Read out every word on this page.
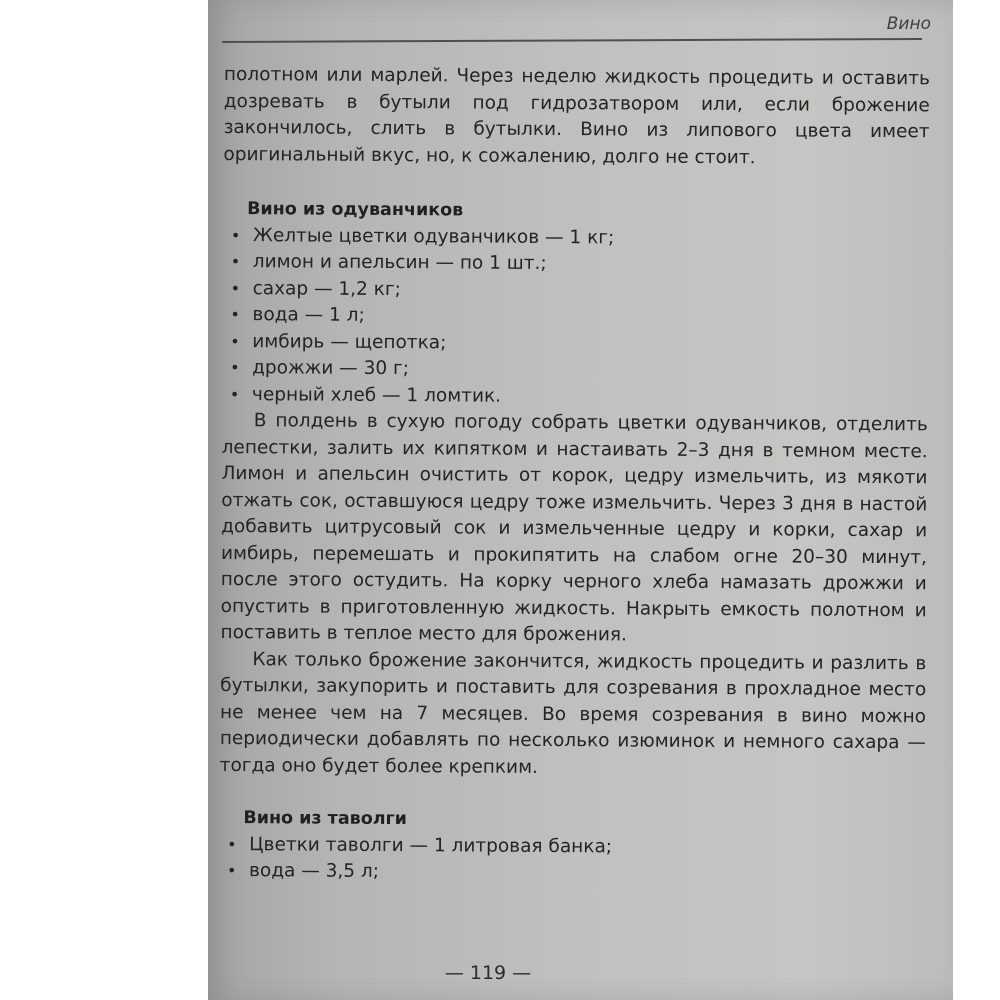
Вино

полотном или марлей. Через неделю жидкость процедить и оставить дозревать в бутыли под гидрозатвором или, если брожение закончилось, слить в бутылки. Вино из липового цвета имеет оригинальный вкус, но, к сожалению, долго не стоит.

Вино из одуванчиков
• Желтые цветки одуванчиков — 1 кг;
• лимон и апельсин — по 1 шт.;
• сахар — 1,2 кг;
• вода — 1 л;
• имбирь — щепотка;
• дрожжи — 30 г;
• черный хлеб — 1 ломтик.

В полдень в сухую погоду собрать цветки одуванчиков, отделить лепестки, залить их кипятком и настаивать 2–3 дня в темном месте. Лимон и апельсин очистить от корок, цедру измельчить, из мякоти отжать сок, оставшуюся цедру тоже измельчить. Через 3 дня в настой добавить цитрусовый сок и измельченные цедру и корки, сахар и имбирь, перемешать и прокипятить на слабом огне 20–30 минут, после этого остудить. На корку черного хлеба намазать дрожжи и опустить в приготовленную жидкость. Накрыть емкость полотном и поставить в теплое место для брожения.

Как только брожение закончится, жидкость процедить и разлить в бутылки, закупорить и поставить для созревания в прохладное место не менее чем на 7 месяцев. Во время созревания в вино можно периодически добавлять по несколько изюминок и немного сахара — тогда оно будет более крепким.

Вино из таволги
• Цветки таволги — 1 литровая банка;
• вода — 3,5 л;
— 119 —
